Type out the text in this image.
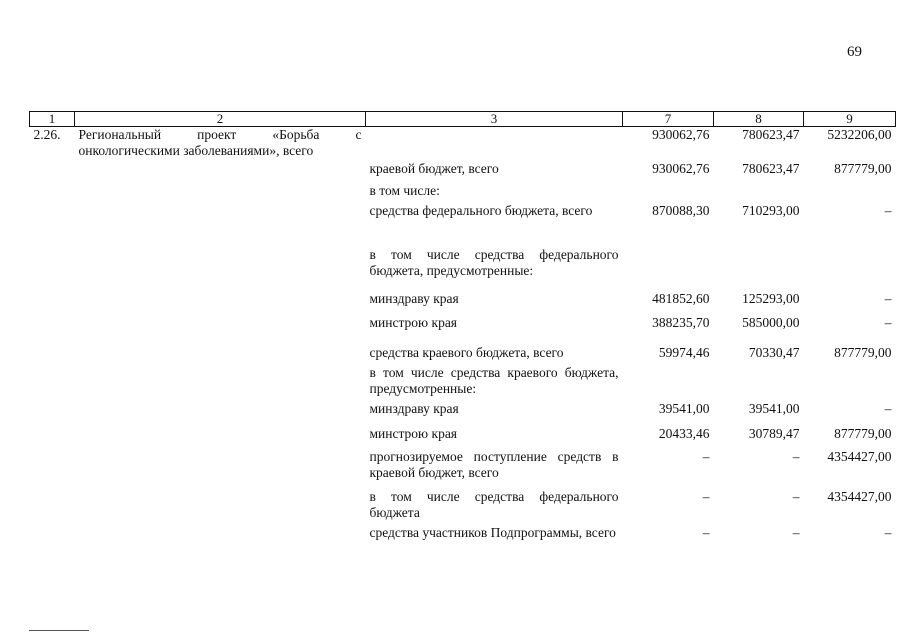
69
1	2	3	7	8	9
2.26.	Региональный проект «Борьба с онкологическими заболеваниями», всего		930062,76	780623,47	5232206,00
		краевой бюджет, всего	930062,76	780623,47	877779,00
		в том числе:			
		средства федерального бюджета, всего	870088,30	710293,00	–
		в том числе средства федерального бюджета, предусмотренные:			
		минздраву края	481852,60	125293,00	–
		минстрою края	388235,70	585000,00	–
		средства краевого бюджета, всего	59974,46	70330,47	877779,00
		в том числе средства краевого бюджета, предусмотренные:			
		минздраву края	39541,00	39541,00	–
		минстрою края	20433,46	30789,47	877779,00
		прогнозируемое поступление средств в краевой бюджет, всего	–	–	4354427,00
		в том числе средства федерального бюджета	–	–	4354427,00
		средства участников Подпрограммы, всего	–	–	–
